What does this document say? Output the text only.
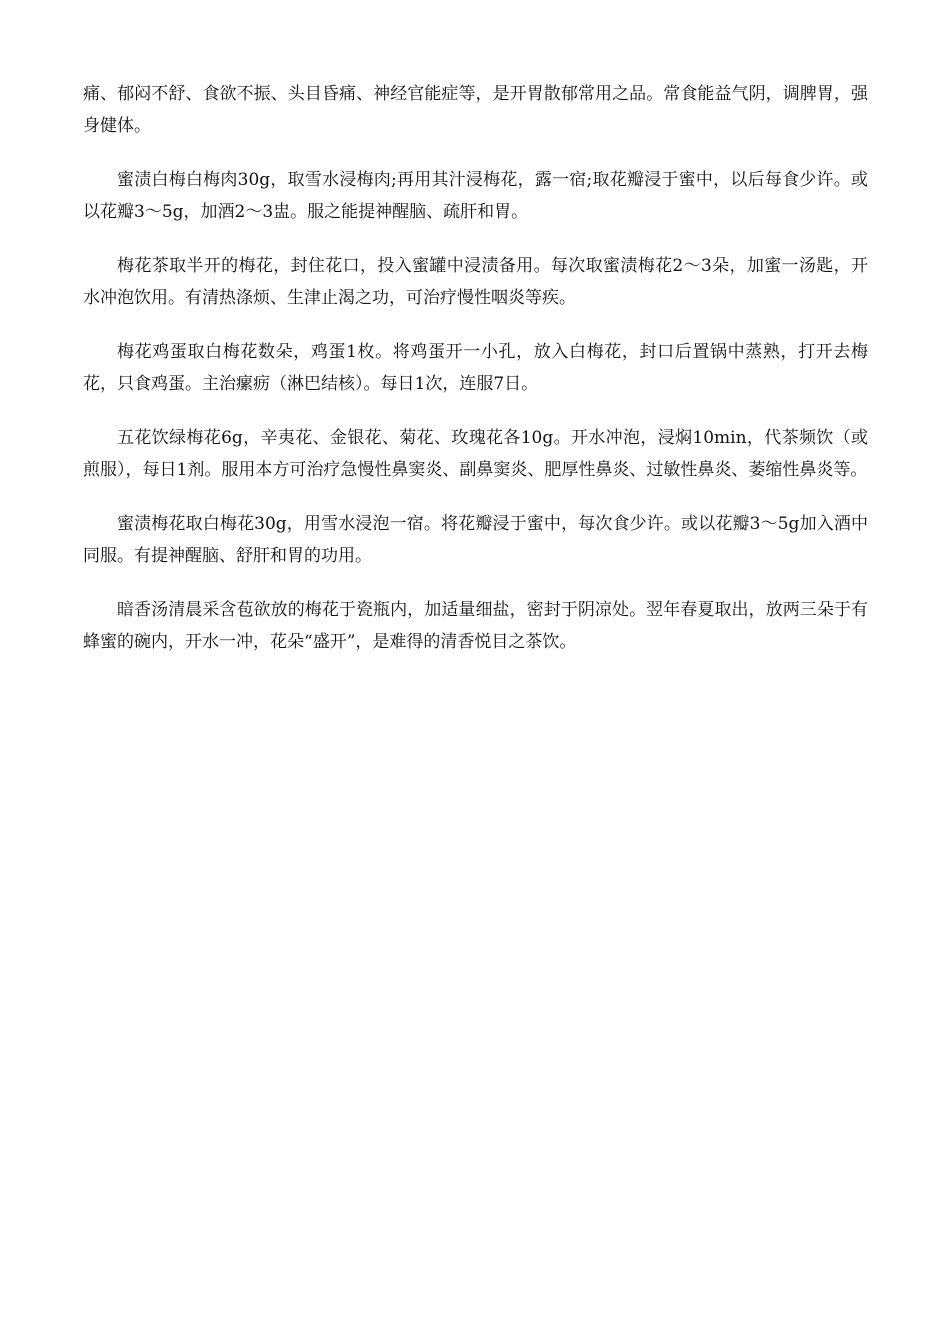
痛、郁闷不舒、食欲不振、头目昏痛、神经官能症等，是开胃散郁常用之品。常食能益气阴，调脾胃，强身健体。

蜜渍白梅白梅肉30g，取雪水浸梅肉;再用其汁浸梅花，露一宿;取花瓣浸于蜜中，以后每食少许。或以花瓣3～5g，加酒2～3盅。服之能提神醒脑、疏肝和胃。

梅花茶取半开的梅花，封住花口，投入蜜罐中浸渍备用。每次取蜜渍梅花2～3朵，加蜜一汤匙，开水冲泡饮用。有清热涤烦、生津止渴之功，可治疗慢性咽炎等疾。

梅花鸡蛋取白梅花数朵，鸡蛋1枚。将鸡蛋开一小孔，放入白梅花，封口后置锅中蒸熟，打开去梅花，只食鸡蛋。主治瘰疬（淋巴结核）。每日1次，连服7日。

五花饮绿梅花6g，辛夷花、金银花、菊花、玫瑰花各10g。开水冲泡，浸焖10min，代茶频饮（或煎服），每日1剂。服用本方可治疗急慢性鼻窦炎、副鼻窦炎、肥厚性鼻炎、过敏性鼻炎、萎缩性鼻炎等。

蜜渍梅花取白梅花30g，用雪水浸泡一宿。将花瓣浸于蜜中，每次食少许。或以花瓣3～5g加入酒中同服。有提神醒脑、舒肝和胃的功用。

暗香汤清晨采含苞欲放的梅花于瓷瓶内，加适量细盐，密封于阴凉处。翌年春夏取出，放两三朵于有蜂蜜的碗内，开水一冲，花朵“盛开”，是难得的清香悦目之茶饮。
